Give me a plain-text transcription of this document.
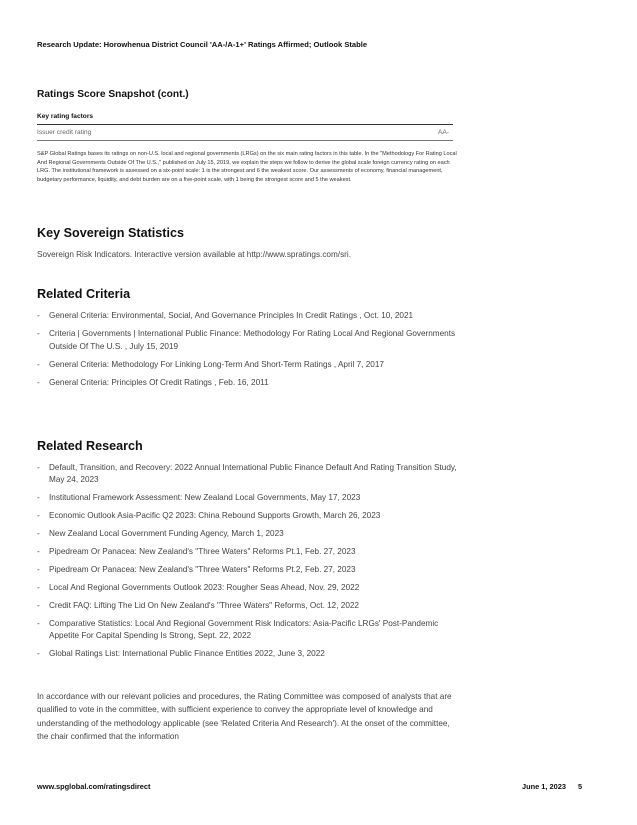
Research Update: Horowhenua District Council 'AA-/A-1+' Ratings Affirmed; Outlook Stable
Ratings Score Snapshot (cont.)
Key rating factors
Issuer credit rating	AA-

S&P Global Ratings bases its ratings on non-U.S. local and regional governments (LRGs) on the six main rating factors in this table. In the "Methodology For Rating Local And Regional Governments Outside Of The U.S.," published on July 15, 2019, we explain the steps we follow to derive the global scale foreign currency rating on each LRG. The institutional framework is assessed on a six-point scale: 1 is the strongest and 6 the weakest score. Our assessments of economy, financial management, budgetary performance, liquidity, and debt burden are on a five-point scale, with 1 being the strongest score and 5 the weakest.

Key Sovereign Statistics
Sovereign Risk Indicators. Interactive version available at http://www.spratings.com/sri.
Related Criteria
- General Criteria: Environmental, Social, And Governance Principles In Credit Ratings , Oct. 10, 2021
- Criteria | Governments | International Public Finance: Methodology For Rating Local And Regional Governments Outside Of The U.S. , July 15, 2019
- General Criteria: Methodology For Linking Long-Term And Short-Term Ratings , April 7, 2017
- General Criteria: Principles Of Credit Ratings , Feb. 16, 2011
Related Research
- Default, Transition, and Recovery: 2022 Annual International Public Finance Default And Rating Transition Study, May 24, 2023
- Institutional Framework Assessment: New Zealand Local Governments, May 17, 2023
- Economic Outlook Asia-Pacific Q2 2023: China Rebound Supports Growth, March 26, 2023
- New Zealand Local Government Funding Agency, March 1, 2023
- Pipedream Or Panacea: New Zealand's "Three Waters" Reforms Pt.1, Feb. 27, 2023
- Pipedream Or Panacea: New Zealand's "Three Waters" Reforms Pt.2, Feb. 27, 2023
- Local And Regional Governments Outlook 2023: Rougher Seas Ahead, Nov. 29, 2022
- Credit FAQ: Lifting The Lid On New Zealand's "Three Waters" Reforms, Oct. 12, 2022
- Comparative Statistics: Local And Regional Government Risk Indicators: Asia-Pacific LRGs' Post-Pandemic Appetite For Capital Spending Is Strong, Sept. 22, 2022
- Global Ratings List: International Public Finance Entities 2022, June 3, 2022

In accordance with our relevant policies and procedures, the Rating Committee was composed of analysts that are qualified to vote in the committee, with sufficient experience to convey the appropriate level of knowledge and understanding of the methodology applicable (see 'Related Criteria And Research'). At the onset of the committee, the chair confirmed that the information

www.spglobal.com/ratingsdirect	June 1, 2023 5
